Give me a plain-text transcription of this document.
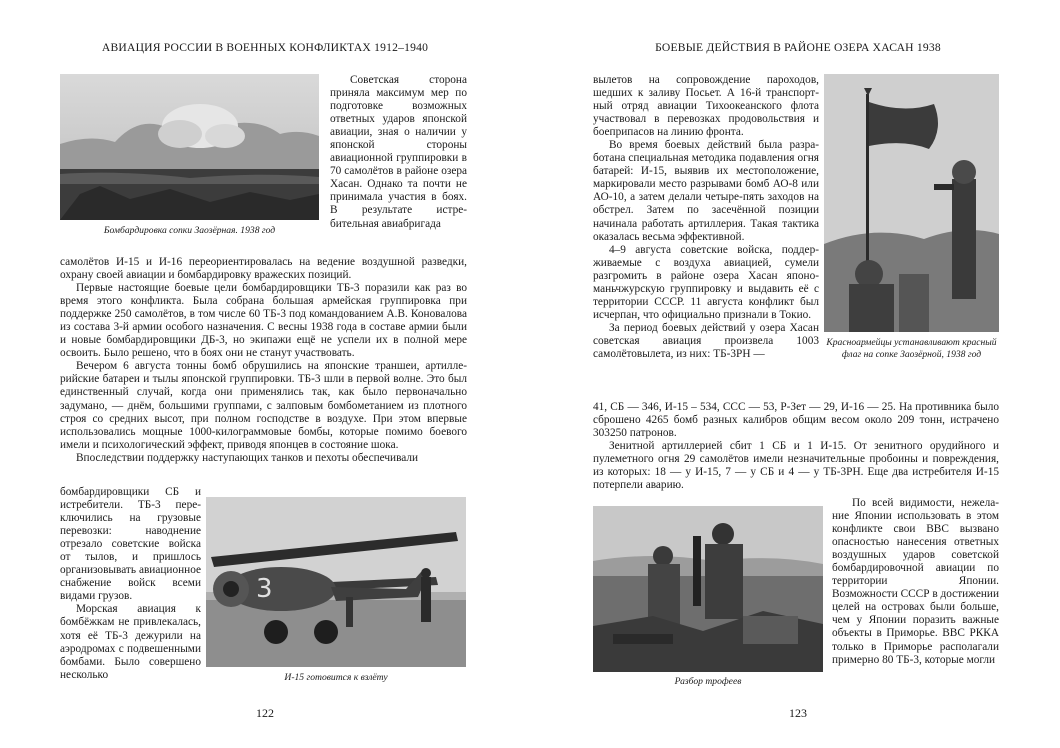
АВИАЦИЯ РОССИИ В ВОЕННЫХ КОНФЛИКТАХ 1912–1940
Бомбардировка сопки Заозёрная. 1938 год

Советская сторона приняла максимум мер по подготовке возможных ответных ударов японской авиации, зная о наличии у японской стороны авиационной группировки в 70 самолётов в районе озера Хасан. Однако та почти не принимала участия в боях. В результате истребительная авиабригада

самолётов И-15 и И-16 переориентировалась на ведение воздушной разведки, охрану своей авиации и бомбардировку вражеских позиций.

Первые настоящие боевые цели бомбардировщики ТБ-3 поразили как раз во время этого конфликта. Была собрана большая армейская группировка при поддержке 250 самолётов, в том числе 60 ТБ-3 под командованием А.В. Коновалова из состава 3-й армии особого назначения. С весны 1938 года в составе армии были и новые бомбардировщики ДБ-3, но экипажи ещё не успели их в полной мере освоить. Было решено, что в боях они не станут участвовать.

Вечером 6 августа тонны бомб обрушились на японские траншеи, артиллерийские батареи и тылы японской группировки. ТБ-3 шли в первой волне. Это был единственный случай, когда они применялись так, как было первоначально задумано, — днём, большими группами, с залповым бомбометанием из плотного строя со средних высот, при полном господстве в воздухе. При этом впервые использовались мощные 1000-килограммовые бомбы, которые помимо боевого имели и психологический эффект, приводя японцев в состояние шока.

Впоследствии поддержку наступающих танков и пехоты обеспечивали

бомбардировщики СБ и истребители. ТБ-3 переключились на грузовые перевозки: наводнение отрезало советские войска от тылов, и пришлось организовывать авиационное снабжение войск всеми видами грузов.

Морская авиация к бомбёжкам не привлекалась, хотя её ТБ-3 дежурили на аэродромах с подвешенными бомбами. Было совершено несколько

3
И-15 готовится к взлёту
122
БОЕВЫЕ ДЕЙСТВИЯ В РАЙОНЕ ОЗЕРА ХАСАН 1938

вылетов на сопровождение пароходов, шедших к заливу Посьет. А 16-й транспортный отряд авиации Тихоокеанского флота участвовал в перевозках продовольствия и боеприпасов на линию фронта.

Во время боевых действий была разработана специальная методика подавления огня батарей: И-15, выявив их местоположение, маркировали место разрывами бомб АО-8 или АО-10, а затем делали четыре-пять заходов на обстрел. Затем по засечённой позиции начинала работать артиллерия. Такая тактика оказалась весьма эффективной.

4–9 августа советские войска, поддерживаемые с воздуха авиацией, сумели разгромить в районе озера Хасан японо-маньчжурскую группировку и выдавить её с территории СССР. 11 августа конфликт был исчерпан, что официально признали в Токио.

За период боевых действий у озера Хасан советская авиация произвела 1003 самолётовылета, из них: ТБ-3РН —

Красноармейцы устанавливают красный флаг на сопке Заозёрной, 1938 год

41, СБ — 346, И-15 – 534, ССС — 53, Р-Зет — 29, И-16 — 25. На противника было сброшено 4265 бомб разных калибров общим весом около 209 тонн, истрачено 303250 патронов.

Зенитной артиллерией сбит 1 СБ и 1 И-15. От зенитного орудийного и пулеметного огня 29 самолётов имели незначительные пробоины и повреждения, из которых: 18 — у И-15, 7 — у СБ и 4 — у ТБ-3РН. Еще два истребителя И-15 потерпели аварию.

Разбор трофеев

По всей видимости, нежелание Японии использовать в этом конфликте свои ВВС вызвано опасностью нанесения ответных воздушных ударов советской бомбардировочной авиации по территории Японии. Возможности СССР в достижении целей на островах были больше, чем у Японии поразить важные объекты в Приморье. ВВС РККА только в Приморье располагали примерно 80 ТБ-3, которые могли

123
